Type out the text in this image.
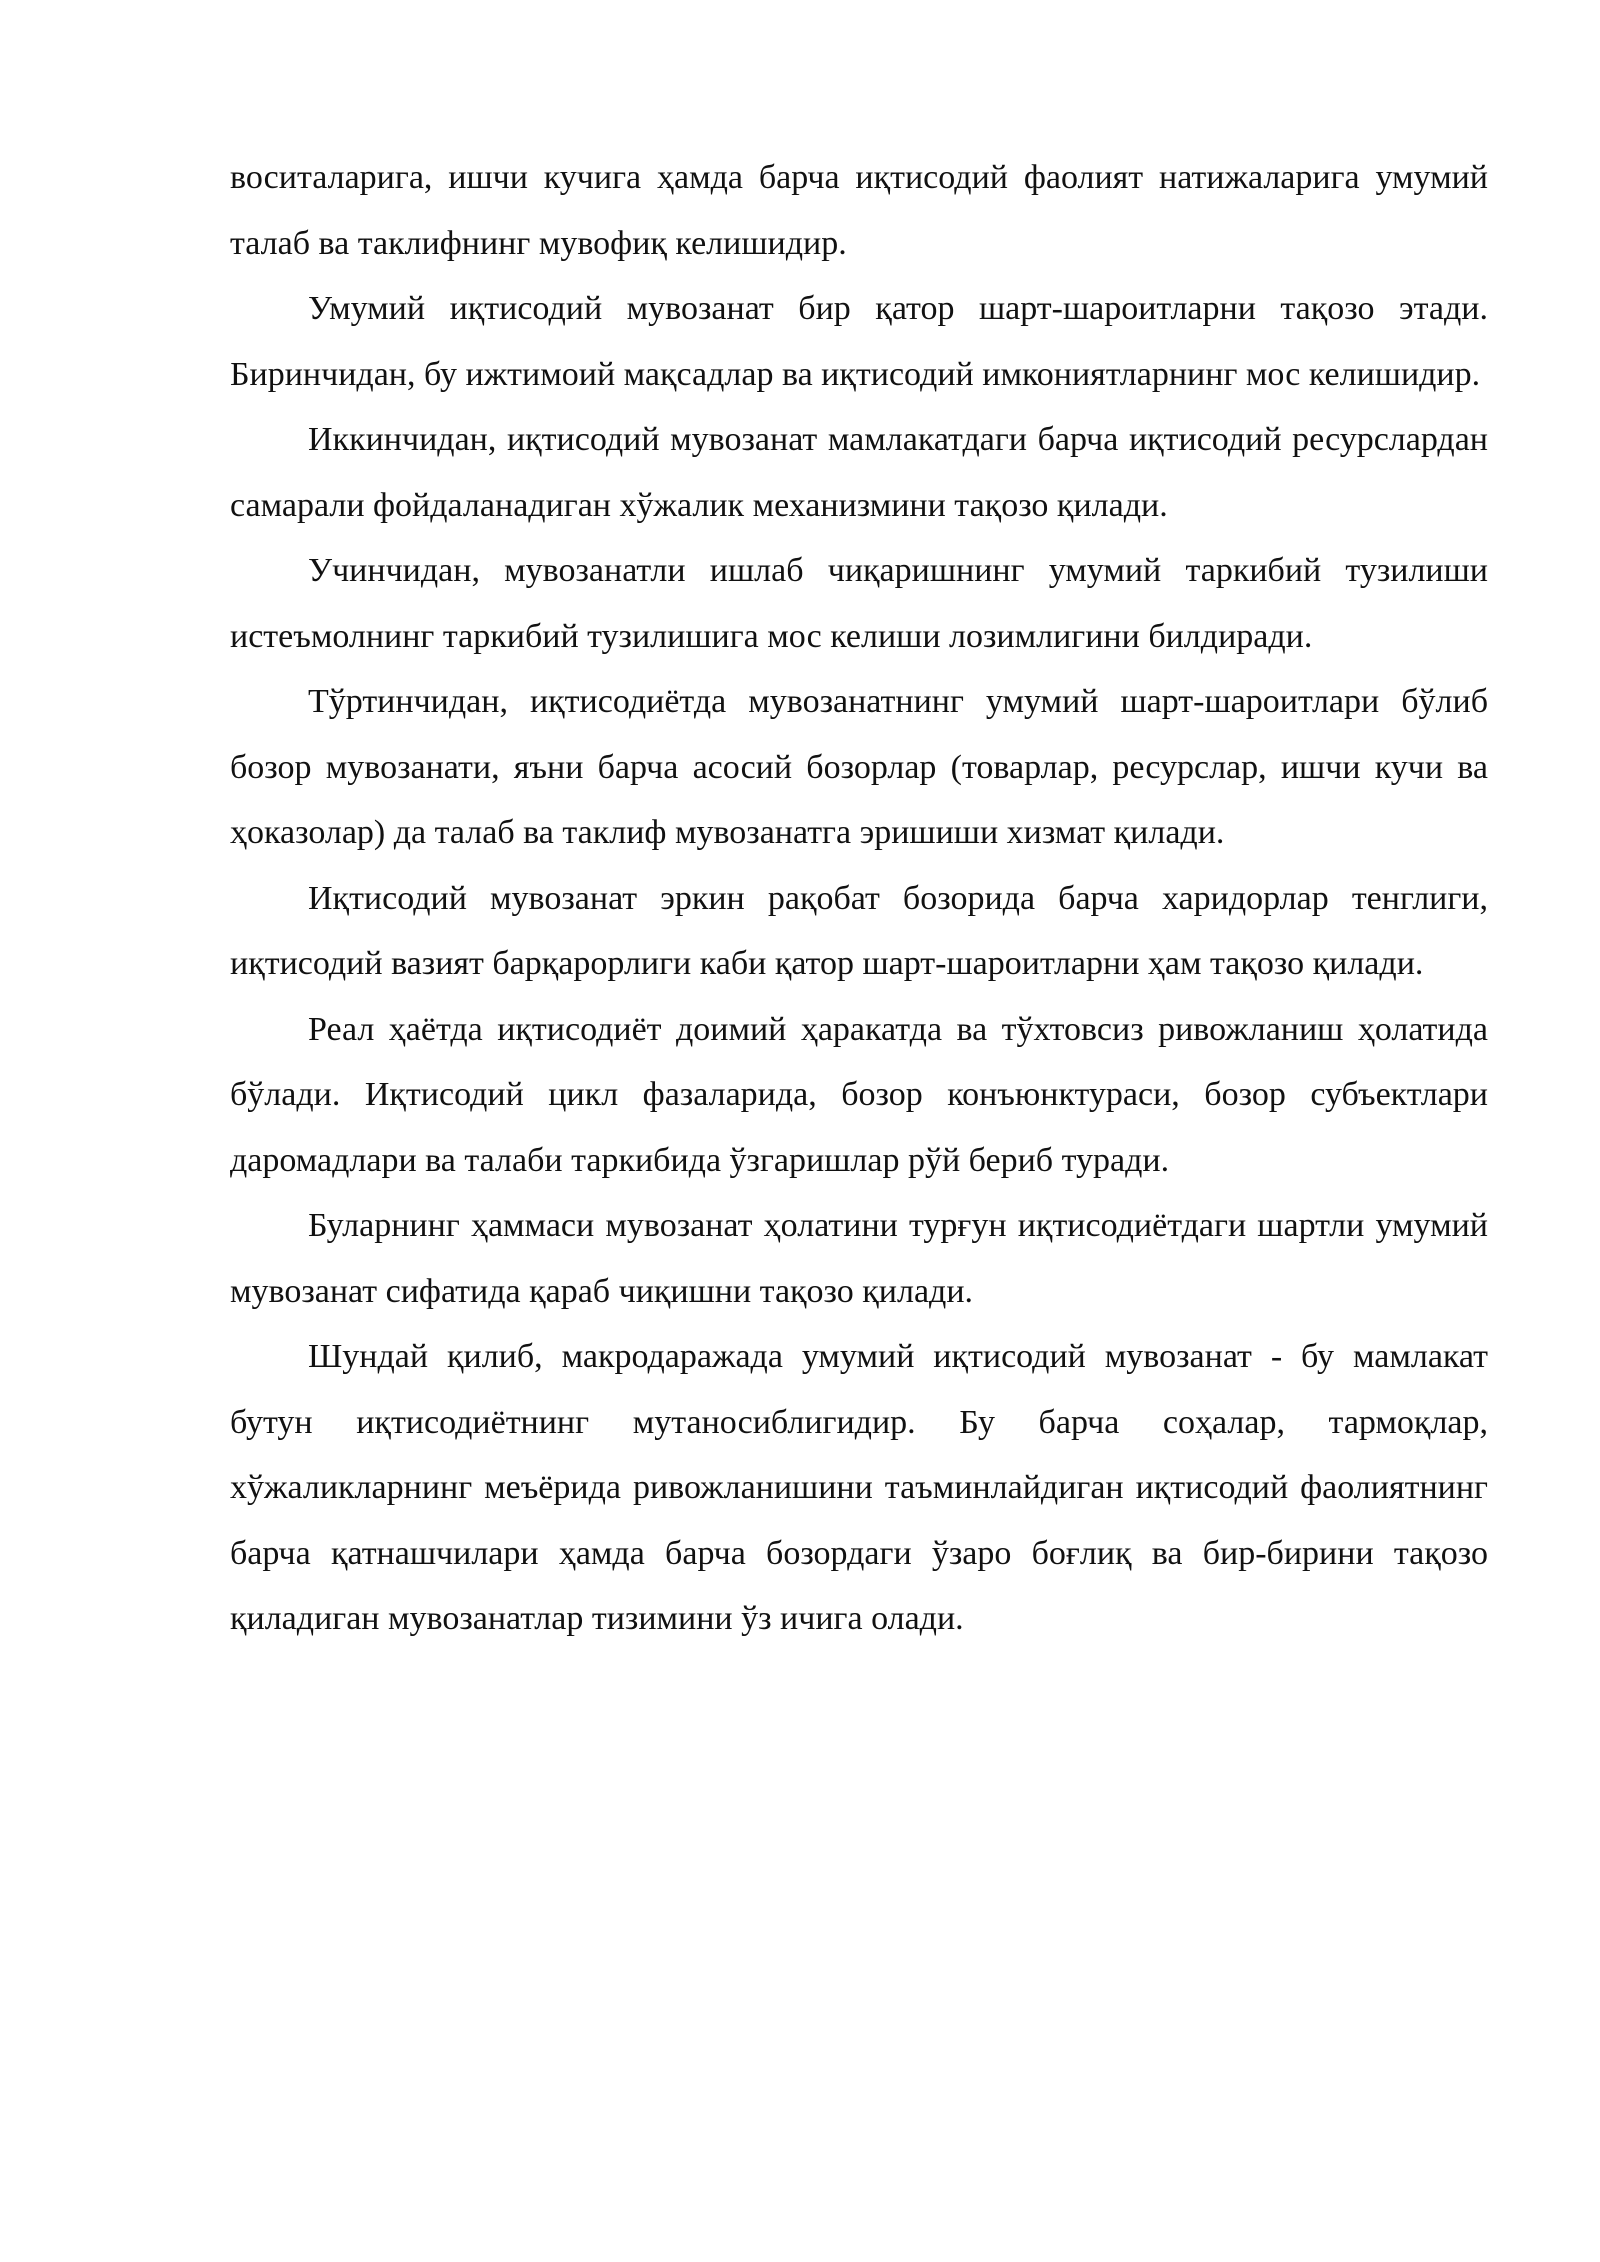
воситаларига, ишчи кучига ҳамда барча иқтисодий фаолият натижаларига умумий талаб ва таклифнинг мувофиқ келишидир.

Умумий иқтисодий мувозанат бир қатор шарт-шароитларни тақозо этади. Биринчидан, бу ижтимоий мақсадлар ва иқтисодий имкониятларнинг мос келишидир.

Иккинчидан, иқтисодий мувозанат мамлакатдаги барча иқтисодий ресурслардан самарали фойдаланадиган хўжалик механизмини тақозо қилади.

Учинчидан, мувозанатли ишлаб чиқаришнинг умумий таркибий тузилиши истеъмолнинг таркибий тузилишига мос келиши лозимлигини билдиради.

Тўртинчидан, иқтисодиётда мувозанатнинг умумий шарт-шароитлари бўлиб бозор мувозанати, яъни барча асосий бозорлар (товарлар, ресурслар, ишчи кучи ва ҳоказолар) да талаб ва таклиф мувозанатга эришиши хизмат қилади.

Иқтисодий мувозанат эркин рақобат бозорида барча харидорлар тенглиги, иқтисодий вазият барқарорлиги каби қатор шарт-шароитларни ҳам тақозо қилади.

Реал ҳаётда иқтисодиёт доимий ҳаракатда ва тўхтовсиз ривожланиш ҳолатида бўлади. Иқтисодий цикл фазаларида, бозор конъюнктураси, бозор субъектлари даромадлари ва талаби таркибида ўзгаришлар рўй бериб туради.

Буларнинг ҳаммаси мувозанат ҳолатини турғун иқтисодиётдаги шартли умумий мувозанат сифатида қараб чиқишни тақозо қилади.

Шундай қилиб, макродаражада умумий иқтисодий мувозанат - бу мамлакат бутун иқтисодиётнинг мутаносиблигидир. Бу барча соҳалар, тармоқлар, хўжаликларнинг меъёрида ривожланишини таъминлайдиган иқтисодий фаолиятнинг барча қатнашчилари ҳамда барча бозордаги ўзаро боғлиқ ва бир-бирини тақозо қиладиган мувозанатлар тизимини ўз ичига олади.
